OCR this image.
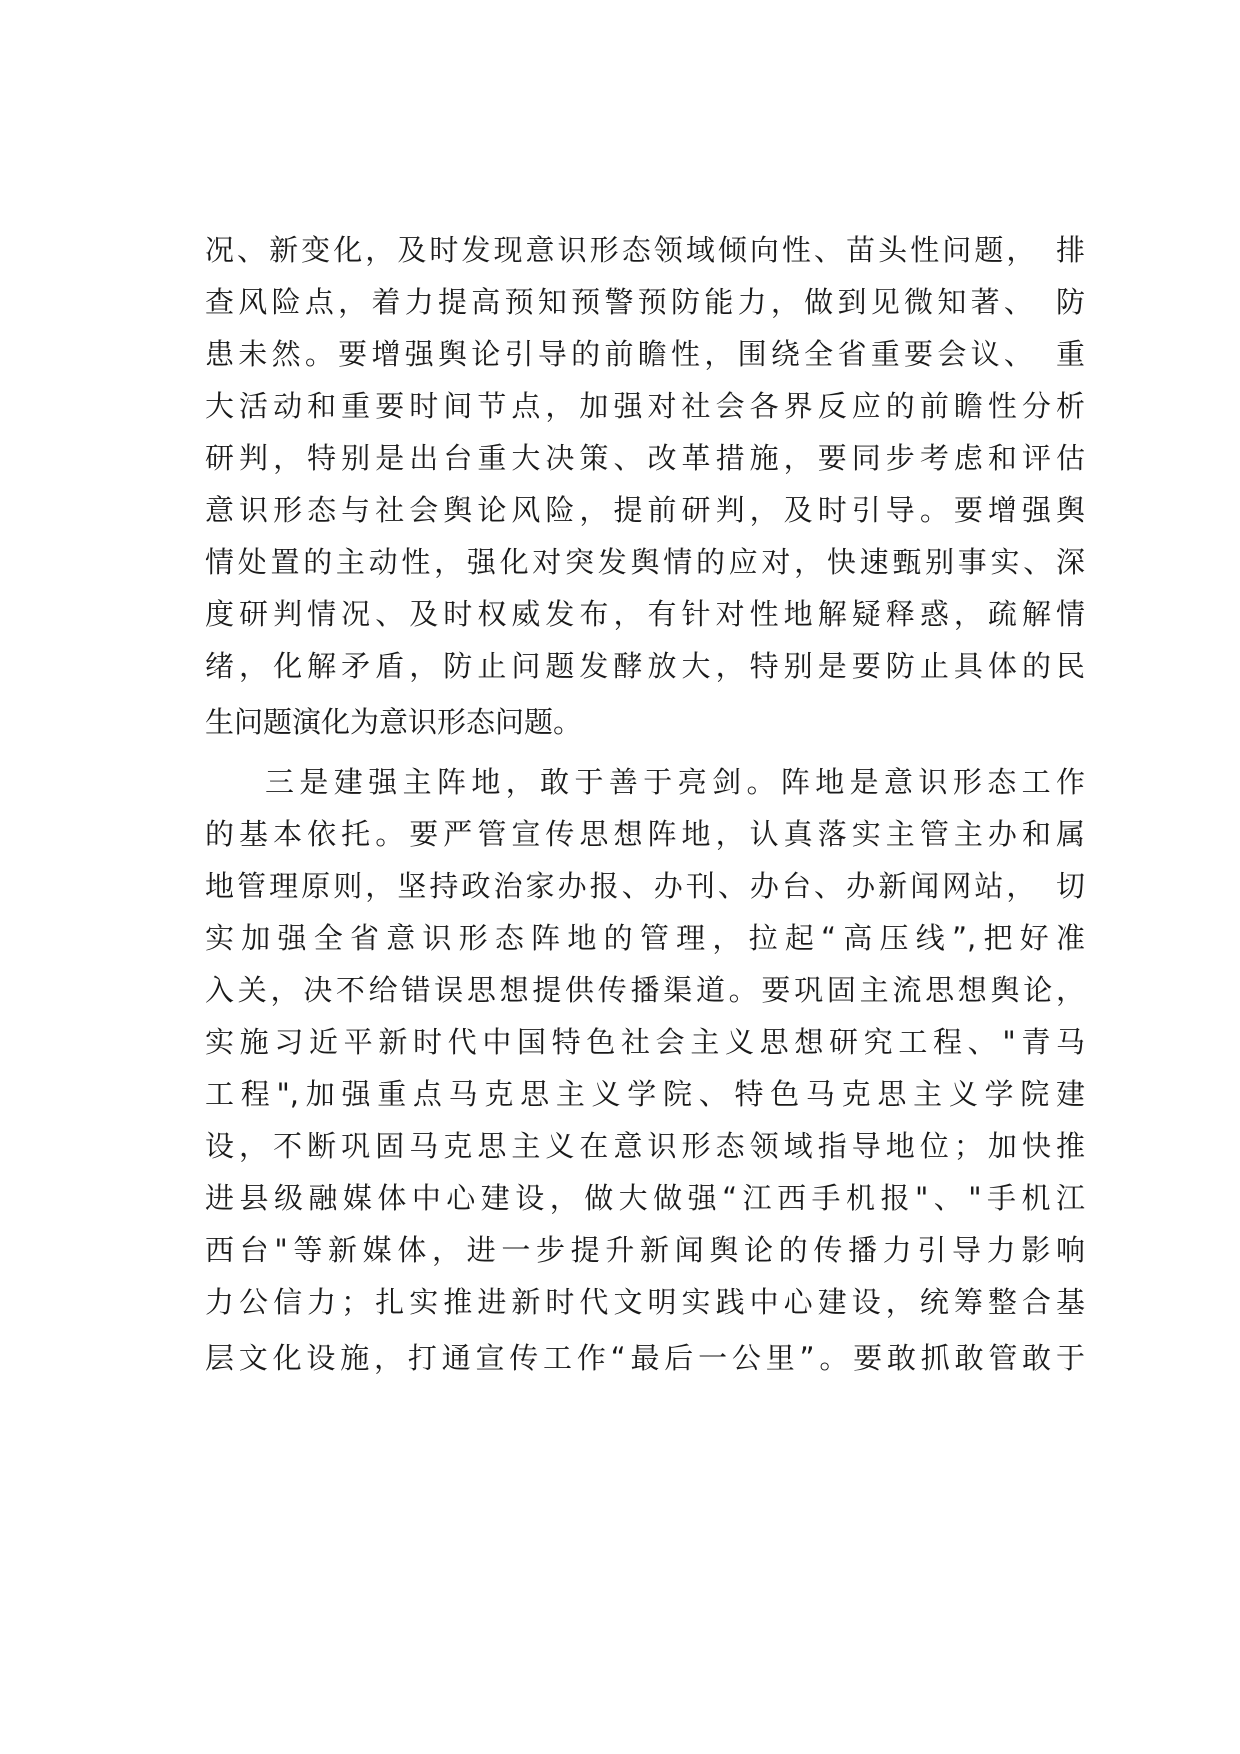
况、新变化，及时发现意识形态领域倾向性、苗头性问题，　排
查风险点，着力提高预知预警预防能力，做到见微知著、　防
患未然。要增强舆论引导的前瞻性，围绕全省重要会议、　重
大活动和重要时间节点，加强对社会各界反应的前瞻性分析
研判，特别是出台重大决策、改革措施，要同步考虑和评估
意识形态与社会舆论风险，提前研判，及时引导。要增强舆
情处置的主动性，强化对突发舆情的应对，快速甄别事实、深
度研判情况、及时权威发布，有针对性地解疑释惑，疏解情
绪，化解矛盾，防止问题发酵放大，特别是要防止具体的民
生问题演化为意识形态问题。
三是建强主阵地，敢于善于亮剑。阵地是意识形态工作
的基本依托。要严管宣传思想阵地，认真落实主管主办和属
地管理原则，坚持政治家办报、办刊、办台、办新闻网站，　切
实加强全省意识形态阵地的管理，拉起“高压线”,把好准
入关，决不给错误思想提供传播渠道。要巩固主流思想舆论，
实施习近平新时代中国特色社会主义思想研究工程、"青马
工程",加强重点马克思主义学院、特色马克思主义学院建
设，不断巩固马克思主义在意识形态领域指导地位；加快推
进县级融媒体中心建设，做大做强“江西手机报"、"手机江
西台"等新媒体，进一步提升新闻舆论的传播力引导力影响
力公信力；扎实推进新时代文明实践中心建设，统筹整合基
层文化设施，打通宣传工作“最后一公里”。要敢抓敢管敢于
